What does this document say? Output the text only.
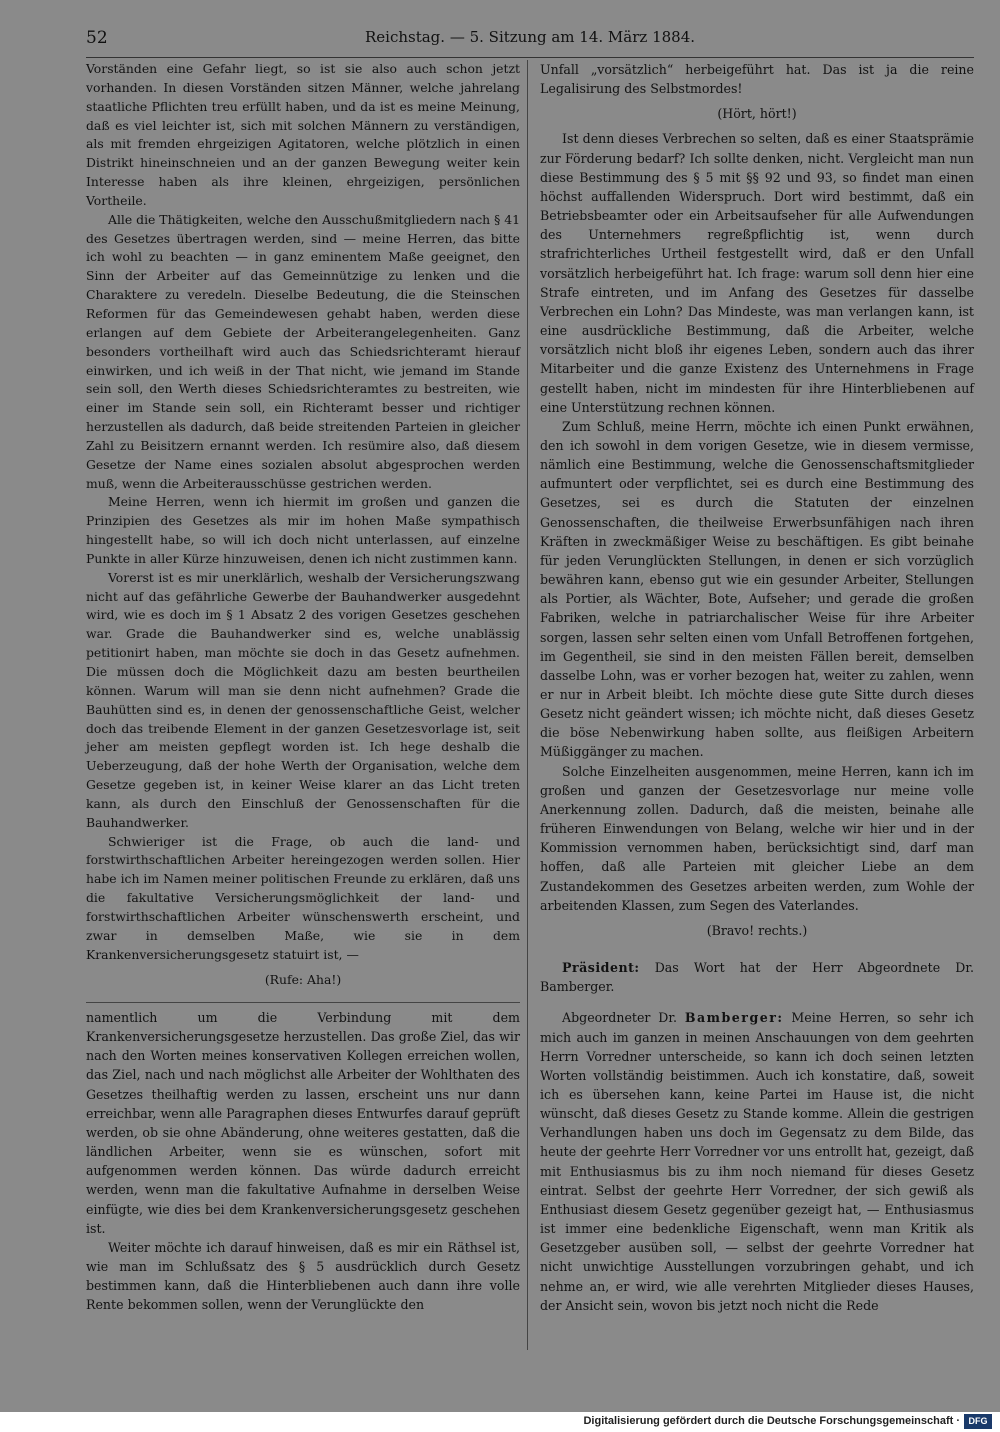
52	Reichstag. — 5. Sitzung am 14. März 1884.

Vorständen eine Gefahr liegt, so ist sie also auch schon jetzt vorhanden. In diesen Vorständen sitzen Männer, welche jahrelang staatliche Pflichten treu erfüllt haben, und da ist es meine Meinung, daß es viel leichter ist, sich mit solchen Männern zu verständigen, als mit fremden ehrgeizigen Agitatoren, welche plötzlich in einen Distrikt hineinschneien und an der ganzen Bewegung weiter kein Interesse haben als ihre kleinen, ehrgeizigen, persönlichen Vortheile.

Alle die Thätigkeiten, welche den Ausschußmitgliedern nach § 41 des Gesetzes übertragen werden, sind — meine Herren, das bitte ich wohl zu beachten — in ganz eminentem Maße geeignet, den Sinn der Arbeiter auf das Gemeinnützige zu lenken und die Charaktere zu veredeln. Dieselbe Bedeutung, die die Steinschen Reformen für das Gemeindewesen gehabt haben, werden diese erlangen auf dem Gebiete der Arbeiterangelegenheiten. Ganz besonders vortheilhaft wird auch das Schiedsrichteramt hierauf einwirken, und ich weiß in der That nicht, wie jemand im Stande sein soll, den Werth dieses Schiedsrichteramtes zu bestreiten, wie einer im Stande sein soll, ein Richteramt besser und richtiger herzustellen als dadurch, daß beide streitenden Parteien in gleicher Zahl zu Beisitzern ernannt werden. Ich resümire also, daß diesem Gesetze der Name eines sozialen absolut abgesprochen werden muß, wenn die Arbeiterausschüsse gestrichen werden.

Meine Herren, wenn ich hiermit im großen und ganzen die Prinzipien des Gesetzes als mir im hohen Maße sympathisch hingestellt habe, so will ich doch nicht unterlassen, auf einzelne Punkte in aller Kürze hinzuweisen, denen ich nicht zustimmen kann.

Vorerst ist es mir unerklärlich, weshalb der Versicherungszwang nicht auf das gefährliche Gewerbe der Bauhandwerker ausgedehnt wird, wie es doch im § 1 Absatz 2 des vorigen Gesetzes geschehen war. Grade die Bauhandwerker sind es, welche unablässig petitionirt haben, man möchte sie doch in das Gesetz aufnehmen. Die müssen doch die Möglichkeit dazu am besten beurtheilen können. Warum will man sie denn nicht aufnehmen? Grade die Bauhütten sind es, in denen der genossenschaftliche Geist, welcher doch das treibende Element in der ganzen Gesetzesvorlage ist, seit jeher am meisten gepflegt worden ist. Ich hege deshalb die Ueberzeugung, daß der hohe Werth der Organisation, welche dem Gesetze gegeben ist, in keiner Weise klarer an das Licht treten kann, als durch den Einschluß der Genossenschaften für die Bauhandwerker.

Schwieriger ist die Frage, ob auch die land- und forstwirthschaftlichen Arbeiter hereingezogen werden sollen. Hier habe ich im Namen meiner politischen Freunde zu erklären, daß uns die fakultative Versicherungsmöglichkeit der land- und forstwirthschaftlichen Arbeiter wünschenswerth erscheint, und zwar in demselben Maße, wie sie in dem Krankenversicherungsgesetz statuirt ist, —

(Rufe: Aha!)

namentlich um die Verbindung mit dem Krankenversicherungsgesetze herzustellen. Das große Ziel, das wir nach den Worten meines konservativen Kollegen erreichen wollen, das Ziel, nach und nach möglichst alle Arbeiter der Wohlthaten des Gesetzes theilhaftig werden zu lassen, erscheint uns nur dann erreichbar, wenn alle Paragraphen dieses Entwurfes darauf geprüft werden, ob sie ohne Abänderung, ohne weiteres gestatten, daß die ländlichen Arbeiter, wenn sie es wünschen, sofort mit aufgenommen werden können. Das würde dadurch erreicht werden, wenn man die fakultative Aufnahme in derselben Weise einfügte, wie dies bei dem Krankenversicherungsgesetz geschehen ist.

Weiter möchte ich darauf hinweisen, daß es mir ein Räthsel ist, wie man im Schlußsatz des § 5 ausdrücklich durch Gesetz bestimmen kann, daß die Hinterbliebenen auch dann ihre volle Rente bekommen sollen, wenn der Verunglückte den

Unfall „vorsätzlich“ herbeigeführt hat. Das ist ja die reine Legalisirung des Selbstmordes!

(Hört, hört!)

Ist denn dieses Verbrechen so selten, daß es einer Staatsprämie zur Förderung bedarf? Ich sollte denken, nicht. Vergleicht man nun diese Bestimmung des § 5 mit §§ 92 und 93, so findet man einen höchst auffallenden Widerspruch. Dort wird bestimmt, daß ein Betriebsbeamter oder ein Arbeitsaufseher für alle Aufwendungen des Unternehmers regreßpflichtig ist, wenn durch strafrichterliches Urtheil festgestellt wird, daß er den Unfall vorsätzlich herbeigeführt hat. Ich frage: warum soll denn hier eine Strafe eintreten, und im Anfang des Gesetzes für dasselbe Verbrechen ein Lohn? Das Mindeste, was man verlangen kann, ist eine ausdrückliche Bestimmung, daß die Arbeiter, welche vorsätzlich nicht bloß ihr eigenes Leben, sondern auch das ihrer Mitarbeiter und die ganze Existenz des Unternehmens in Frage gestellt haben, nicht im mindesten für ihre Hinterbliebenen auf eine Unterstützung rechnen können.

Zum Schluß, meine Herrn, möchte ich einen Punkt erwähnen, den ich sowohl in dem vorigen Gesetze, wie in diesem vermisse, nämlich eine Bestimmung, welche die Genossenschaftsmitglieder aufmuntert oder verpflichtet, sei es durch eine Bestimmung des Gesetzes, sei es durch die Statuten der einzelnen Genossenschaften, die theilweise Erwerbsunfähigen nach ihren Kräften in zweckmäßiger Weise zu beschäftigen. Es gibt beinahe für jeden Verunglückten Stellungen, in denen er sich vorzüglich bewähren kann, ebenso gut wie ein gesunder Arbeiter, Stellungen als Portier, als Wächter, Bote, Aufseher; und gerade die großen Fabriken, welche in patriarchalischer Weise für ihre Arbeiter sorgen, lassen sehr selten einen vom Unfall Betroffenen fortgehen, im Gegentheil, sie sind in den meisten Fällen bereit, demselben dasselbe Lohn, was er vorher bezogen hat, weiter zu zahlen, wenn er nur in Arbeit bleibt. Ich möchte diese gute Sitte durch dieses Gesetz nicht geändert wissen; ich möchte nicht, daß dieses Gesetz die böse Nebenwirkung haben sollte, aus fleißigen Arbeitern Müßiggänger zu machen.

Solche Einzelheiten ausgenommen, meine Herren, kann ich im großen und ganzen der Gesetzesvorlage nur meine volle Anerkennung zollen. Dadurch, daß die meisten, beinahe alle früheren Einwendungen von Belang, welche wir hier und in der Kommission vernommen haben, berücksichtigt sind, darf man hoffen, daß alle Parteien mit gleicher Liebe an dem Zustandekommen des Gesetzes arbeiten werden, zum Wohle der arbeitenden Klassen, zum Segen des Vaterlandes.

(Bravo! rechts.)

Präsident: Das Wort hat der Herr Abgeordnete Dr. Bamberger.

Abgeordneter Dr. Bamberger: Meine Herren, so sehr ich mich auch im ganzen in meinen Anschauungen von dem geehrten Herrn Vorredner unterscheide, so kann ich doch seinen letzten Worten vollständig beistimmen. Auch ich konstatire, daß, soweit ich es übersehen kann, keine Partei im Hause ist, die nicht wünscht, daß dieses Gesetz zu Stande komme. Allein die gestrigen Verhandlungen haben uns doch im Gegensatz zu dem Bilde, das heute der geehrte Herr Vorredner vor uns entrollt hat, gezeigt, daß mit Enthusiasmus bis zu ihm noch niemand für dieses Gesetz eintrat. Selbst der geehrte Herr Vorredner, der sich gewiß als Enthusiast diesem Gesetz gegenüber gezeigt hat, — Enthusiasmus ist immer eine bedenkliche Eigenschaft, wenn man Kritik als Gesetzgeber ausüben soll, — selbst der geehrte Vorredner hat nicht unwichtige Ausstellungen vorzubringen gehabt, und ich nehme an, er wird, wie alle verehrten Mitglieder dieses Hauses, der Ansicht sein, wovon bis jetzt noch nicht die Rede

Digitalisierung gefördert durch die Deutsche Forschungsgemeinschaft · DFG
